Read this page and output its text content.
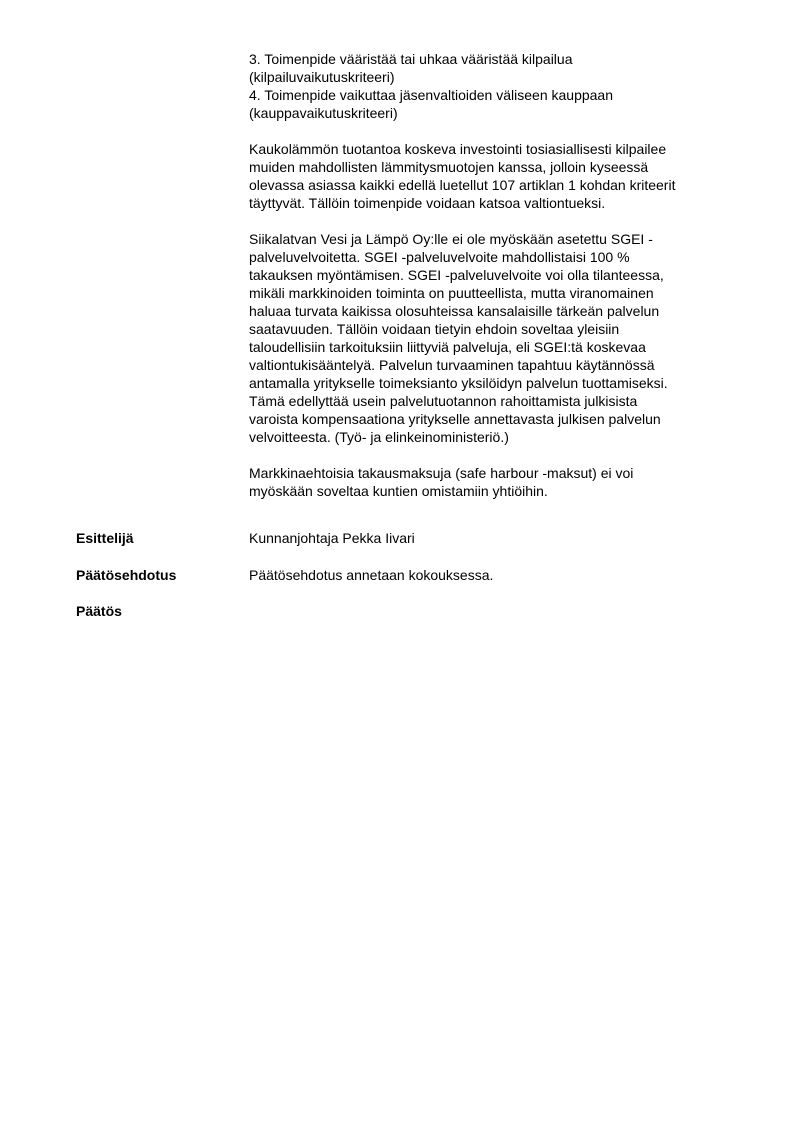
3. Toimenpide vääristää tai uhkaa vääristää kilpailua
(kilpailuvaikutuskriteeri)
4. Toimenpide vaikuttaa jäsenvaltioiden väliseen kauppaan
(kauppavaikutuskriteeri)

Kaukolämmön tuotantoa koskeva investointi tosiasiallisesti kilpailee
muiden mahdollisten lämmitysmuotojen kanssa, jolloin kyseessä
olevassa asiassa kaikki edellä luetellut 107 artiklan 1 kohdan kriteerit
täyttyvät. Tällöin toimenpide voidaan katsoa valtiontueksi.

Siikalatvan Vesi ja Lämpö Oy:lle ei ole myöskään asetettu SGEI -
palveluvelvoitetta. SGEI -palveluvelvoite mahdollistaisi 100 %
takauksen myöntämisen. SGEI -palveluvelvoite voi olla tilanteessa,
mikäli markkinoiden toiminta on puutteellista, mutta viranomainen
haluaa turvata kaikissa olosuhteissa kansalaisille tärkeän palvelun
saatavuuden. Tällöin voidaan tietyin ehdoin soveltaa yleisiin
taloudellisiin tarkoituksiin liittyviä palveluja, eli SGEI:tä koskevaa
valtiontukisääntelyä. Palvelun turvaaminen tapahtuu käytännössä
antamalla yritykselle toimeksianto yksilöidyn palvelun tuottamiseksi.
Tämä edellyttää usein palvelutuotannon rahoittamista julkisista
varoista kompensaationa yritykselle annettavasta julkisen palvelun
velvoitteesta. (Työ- ja elinkeinoministeriö.)

Markkinaehtoisia takausmaksuja (safe harbour -maksut) ei voi
myöskään soveltaa kuntien omistamiin yhtiöihin.

Esittelijä	Kunnanjohtaja Pekka Iivari
Päätösehdotus	Päätösehdotus annetaan kokouksessa.
Päätös
